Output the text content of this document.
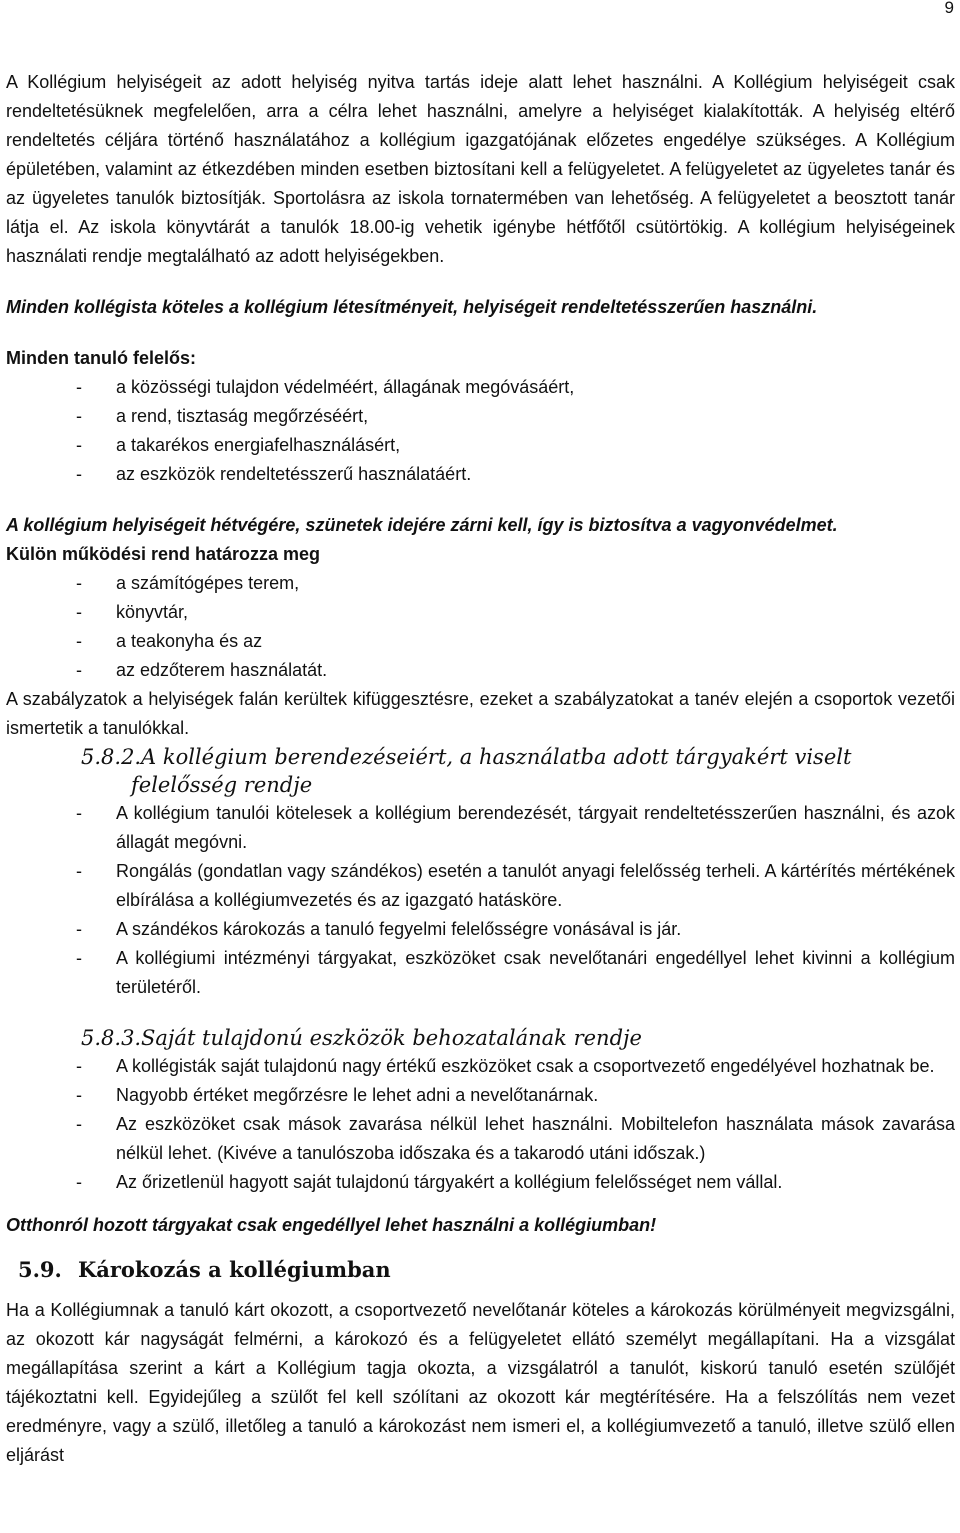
9

A Kollégium helyiségeit az adott helyiség nyitva tartás ideje alatt lehet használni. A Kollégium helyiségeit csak rendeltetésüknek megfelelően, arra a célra lehet használni, amelyre a helyiséget kialakították. A helyiség eltérő rendeltetés céljára történő használatához a kollégium igazgatójának előzetes engedélye szükséges. A Kollégium épületében, valamint az étkezdében minden esetben biztosítani kell a felügyeletet. A felügyeletet az ügyeletes tanár és az ügyeletes tanulók biztosítják. Sportolásra az iskola tornatermében van lehetőség. A felügyeletet a beosztott tanár látja el. Az iskola könyvtárát a tanulók 18.00-ig vehetik igénybe hétfőtől csütörtökig. A kollégium helyiségeinek használati rendje megtalálható az adott helyiségekben.

Minden kollégista köteles a kollégium létesítményeit, helyiségeit rendeltetésszerűen használni.

Minden tanuló felelős:

- a közösségi tulajdon védelméért, állagának megóvásáért,
- a rend, tisztaság megőrzéséért,
- a takarékos energiafelhasználásért,
- az eszközök rendeltetésszerű használatáért.

A kollégium helyiségeit hétvégére, szünetek idejére zárni kell, így is biztosítva a vagyonvédelmet.

Külön működési rend határozza meg

- a számítógépes terem,
- könyvtár,
- a teakonyha és az
- az edzőterem használatát.

A szabályzatok a helyiségek falán kerültek kifüggesztésre, ezeket a szabályzatokat a tanév elején a csoportok vezetői ismertetik a tanulókkal.

5.8.2.A kollégium berendezéseiért, a használatba adott tárgyakért viselt felelősség rendje
- A kollégium tanulói kötelesek a kollégium berendezését, tárgyait rendeltetésszerűen használni, és azok állagát megóvni.
- Rongálás (gondatlan vagy szándékos) esetén a tanulót anyagi felelősség terheli. A kártérítés mértékének elbírálása a kollégiumvezetés és az igazgató hatásköre.
- A szándékos károkozás a tanuló fegyelmi felelősségre vonásával is jár.
- A kollégiumi intézményi tárgyakat, eszközöket csak nevelőtanári engedéllyel lehet kivinni a kollégium területéről.
5.8.3.Saját tulajdonú eszközök behozatalának rendje
- A kollégisták saját tulajdonú nagy értékű eszközöket csak a csoportvezető engedélyével hozhatnak be.
- Nagyobb értéket megőrzésre le lehet adni a nevelőtanárnak.
- Az eszközöket csak mások zavarása nélkül lehet használni. Mobiltelefon használata mások zavarása nélkül lehet. (Kivéve a tanulószoba időszaka és a takarodó utáni időszak.)
- Az őrizetlenül hagyott saját tulajdonú tárgyakért a kollégium felelősséget nem vállal.

Otthonról hozott tárgyakat csak engedéllyel lehet használni a kollégiumban!

5.9. Károkozás a kollégiumban

Ha a Kollégiumnak a tanuló kárt okozott, a csoportvezető nevelőtanár köteles a károkozás körülményeit megvizsgálni, az okozott kár nagyságát felmérni, a károkozó és a felügyeletet ellátó személyt megállapítani. Ha a vizsgálat megállapítása szerint a kárt a Kollégium tagja okozta, a vizsgálatról a tanulót, kiskorú tanuló esetén szülőjét tájékoztatni kell. Egyidejűleg a szülőt fel kell szólítani az okozott kár megtérítésére. Ha a felszólítás nem vezet eredményre, vagy a szülő, illetőleg a tanuló a károkozást nem ismeri el, a kollégiumvezető a tanuló, illetve szülő ellen eljárást
